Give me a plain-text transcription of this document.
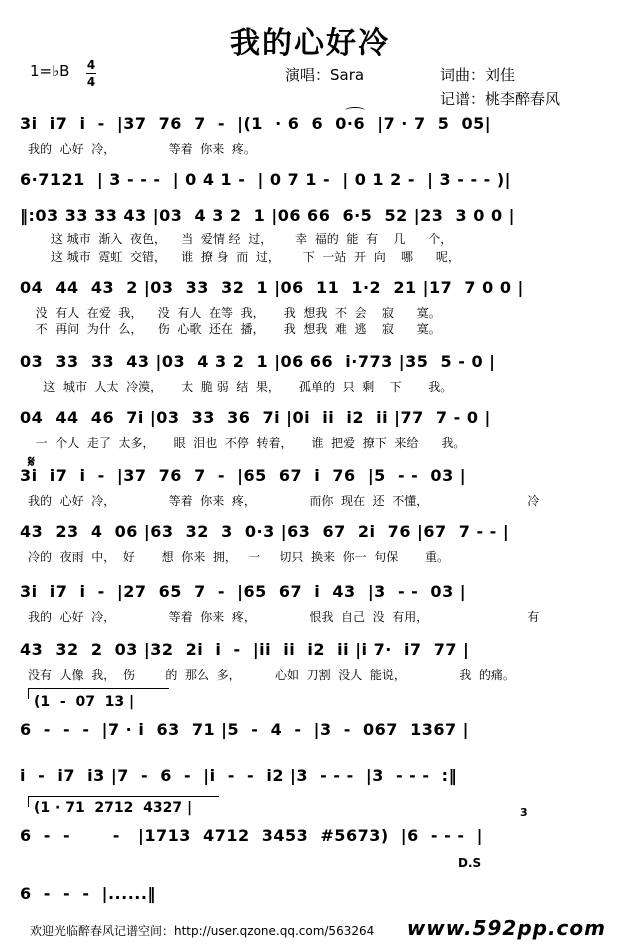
我的心好冷
1=♭B 4
4	演唱：Sara	词曲：刘佳
记谱：桃李醉春风
3i  i7  i  -  |37  76  7  -  |(1  · 6  6  0·6  |7 · 7  5  05|
我的  心好  冷，              等着  你来  疼。
6·7121  | 3 - - -  | 0 4 1 -  | 0 7 1 -  | 0 1 2 -  | 3 - - - )|
‖:03 33 33 43 |03  4 3 2  1 |06 66  6·5  52 |23  3 0 0 |
这 城市  渐入  夜色，    当  爱情 经  过，      幸  福的  能  有    几      个，
这 城市  霓虹  交错，    谁  撩 身  而  过，      下  一站  开  向    哪      呢，
04  44  43  2 |03  33  32  1 |06  11  1·2  21 |17  7 0 0 |
没  有人  在爱  我，    没  有人  在等  我，     我  想我  不  会    寂      寞。
不  再问  为什  么，    伤  心歌  还在  播，     我  想我  难  逃    寂      寞。
03  33  33  43 |03  4 3 2  1 |06 66  i·773 |35  5 - 0 |
这  城市  人太  冷漠，     太  脆 弱  结  果，     孤单的  只  剩    下       我。
04  44  46  7i |03  33  36  7i |0i  ii  i2  ii |77  7 - 0 |
一  个人  走了  太多，     眼  泪也  不停  转着，     谁  把爱  撩下  来给      我。
𝄋
3i  i7  i  -  |37  76  7  -  |65  67  i  76  |5  - -  03 |
我的  心好  冷，              等着  你来  疼，              而你  现在  还  不懂，                          冷
43  23  4  06 |63  32  3  0·3 |63  67  2i  76 |67  7 - - |
冷的  夜雨  中，  好       想  你来  拥，   一     切只  换来  你一  句保       重。
3i  i7  i  -  |27  65  7  -  |65  67  i  43  |3  - -  03 |
我的  心好  冷，              等着  你来  疼，              恨我  自己  没  有用，                          有
43  32  2  03 |32  2i  i  -  |ii  ii  i2  ii |i 7·  i7  77 |
没有  人像  我，  伤        的  那么  多，         心如  刀割  没人  能说，              我  的痛。
(1  -  07  13 |
6  -  -  -  |7 · i  63  71 |5  -  4  -  |3  -  067  1367 |
i  -  i7  i3 |7  -  6  -  |i  -  -  i2 |3  - - -  |3  - - -  :‖
(1 · 71  2712  4327 |	3
6  -  -       -   |1713  4712  3453  #5673)  |6  - - -  |
D.S
6  -  -  -  |......‖
欢迎光临醉春风记谱空间：http://user.qzone.qq.com/563264 www.592pp.com
